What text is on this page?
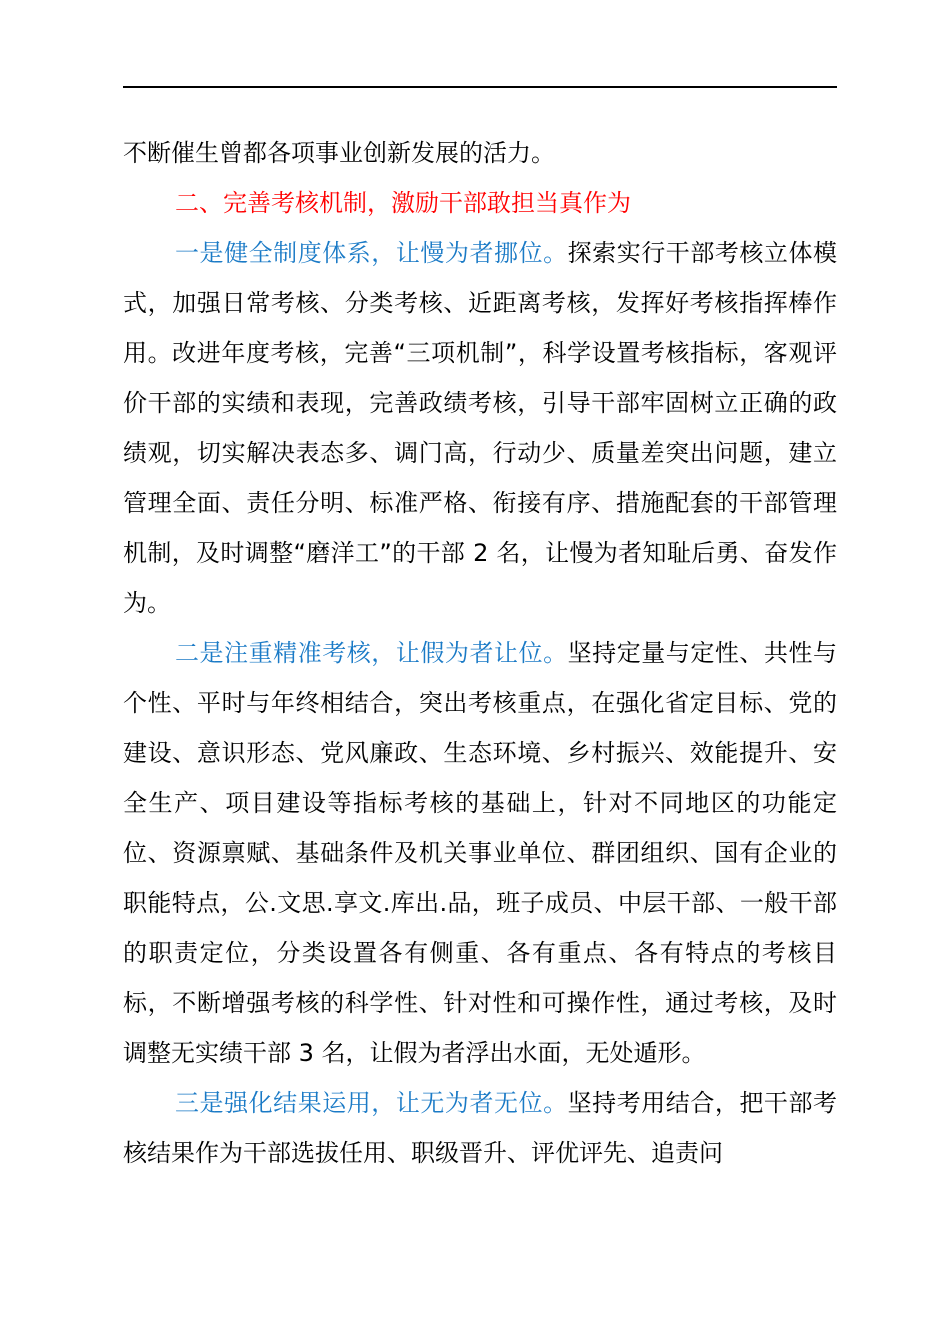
不断催生曾都各项事业创新发展的活力。

二、完善考核机制，激励干部敢担当真作为

一是健全制度体系，让慢为者挪位。探索实行干部考核立体模式，加强日常考核、分类考核、近距离考核，发挥好考核指挥棒作用。改进年度考核，完善“三项机制”，科学设置考核指标，客观评价干部的实绩和表现，完善政绩考核，引导干部牢固树立正确的政绩观，切实解决表态多、调门高，行动少、质量差突出问题，建立管理全面、责任分明、标准严格、衔接有序、措施配套的干部管理机制，及时调整“磨洋工”的干部 2 名，让慢为者知耻后勇、奋发作为。

二是注重精准考核，让假为者让位。坚持定量与定性、共性与个性、平时与年终相结合，突出考核重点，在强化省定目标、党的建设、意识形态、党风廉政、生态环境、乡村振兴、效能提升、安全生产、项目建设等指标考核的基础上，针对不同地区的功能定位、资源禀赋、基础条件及机关事业单位、群团组织、国有企业的职能特点，公.文思.享文.库出.品，班子成员、中层干部、一般干部的职责定位，分类设置各有侧重、各有重点、各有特点的考核目标，不断增强考核的科学性、针对性和可操作性，通过考核，及时调整无实绩干部 3 名，让假为者浮出水面，无处遁形。

三是强化结果运用，让无为者无位。坚持考用结合，把干部考核结果作为干部选拔任用、职级晋升、评优评先、追责问
